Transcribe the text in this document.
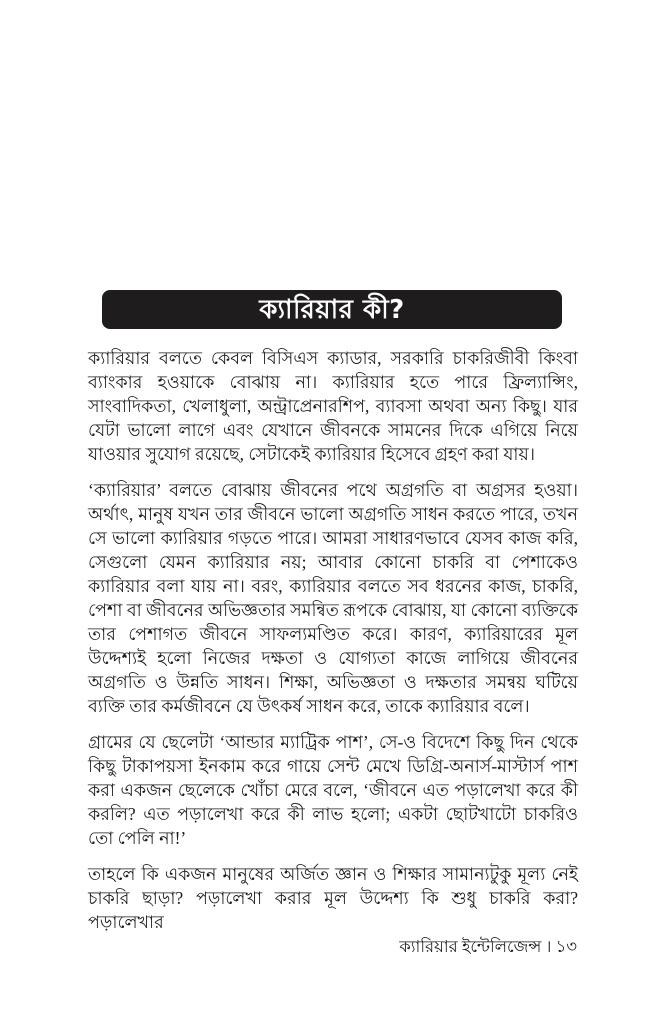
ক্যারিয়ার কী?

ক্যারিয়ার বলতে কেবল বিসিএস ক্যাডার, সরকারি চাকরিজীবী কিংবা ব্যাংকার হওয়াকে বোঝায় না। ক্যারিয়ার হতে পারে ফ্রিল্যান্সিং, সাংবাদিকতা, খেলাধুলা, অন্ট্রাপ্রেনারশিপ, ব্যাবসা অথবা অন্য কিছু। যার যেটা ভালো লাগে এবং যেখানে জীবনকে সামনের দিকে এগিয়ে নিয়ে যাওয়ার সুযোগ রয়েছে, সেটাকেই ক্যারিয়ার হিসেবে গ্রহণ করা যায়।

‘ক্যারিয়ার’ বলতে বোঝায় জীবনের পথে অগ্রগতি বা অগ্রসর হওয়া। অর্থাৎ, মানুষ যখন তার জীবনে ভালো অগ্রগতি সাধন করতে পারে, তখন সে ভালো ক্যারিয়ার গড়তে পারে। আমরা সাধারণভাবে যেসব কাজ করি, সেগুলো যেমন ক্যারিয়ার নয়; আবার কোনো চাকরি বা পেশাকেও ক্যারিয়ার বলা যায় না। বরং, ক্যারিয়ার বলতে সব ধরনের কাজ, চাকরি, পেশা বা জীবনের অভিজ্ঞতার সমন্বিত রূপকে বোঝায়, যা কোনো ব্যক্তিকে তার পেশাগত জীবনে সাফল্যমণ্ডিত করে। কারণ, ক্যারিয়ারের মূল উদ্দেশ্যই হলো নিজের দক্ষতা ও যোগ্যতা কাজে লাগিয়ে জীবনের অগ্রগতি ও উন্নতি সাধন। শিক্ষা, অভিজ্ঞতা ও দক্ষতার সমন্বয় ঘটিয়ে ব্যক্তি তার কর্মজীবনে যে উৎকর্ষ সাধন করে, তাকে ক্যারিয়ার বলে।

গ্রামের যে ছেলেটা ‘আন্ডার ম্যাট্রিক পাশ’, সে-ও বিদেশে কিছু দিন থেকে কিছু টাকাপয়সা ইনকাম করে গায়ে সেন্ট মেখে ডিগ্রি-অনার্স-মাস্টার্স পাশ করা একজন ছেলেকে খোঁচা মেরে বলে, ‘জীবনে এত পড়ালেখা করে কী করলি? এত পড়ালেখা করে কী লাভ হলো; একটা ছোটখাটো চাকরিও তো পেলি না!’

তাহলে কি একজন মানুষের অর্জিত জ্ঞান ও শিক্ষার সামান্যটুকু মূল্য নেই চাকরি ছাড়া? পড়ালেখা করার মূল উদ্দেশ্য কি শুধু চাকরি করা? পড়ালেখার

ক্যারিয়ার ইন্টেলিজেন্স । ১৩
